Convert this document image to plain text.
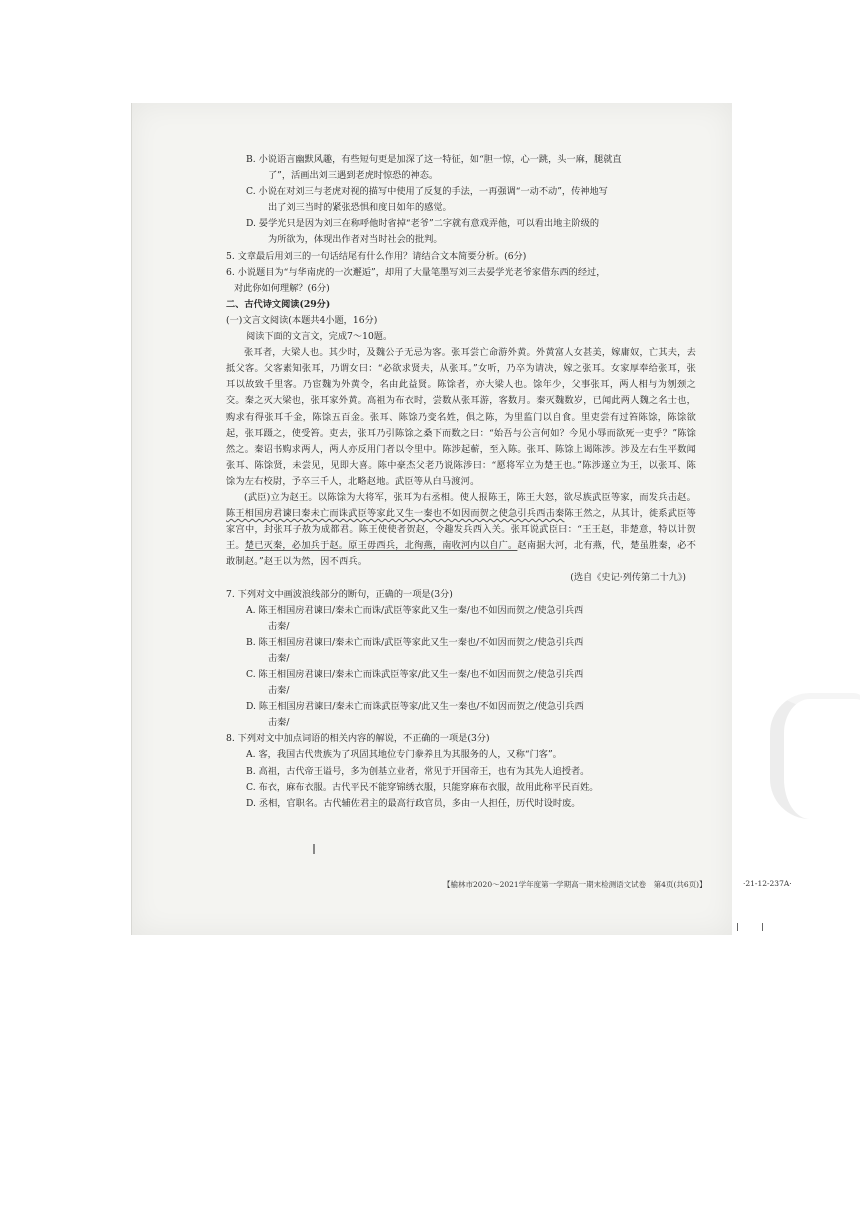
【榆林市2020～2021学年度第一学期高一期末检测语文试卷　第4页(共6页)】	·21-12-237A·
B. 小说语言幽默风趣，有些短句更是加深了这一特征，如“胆一惊，心一跳，头一麻，腿就直
了”，活画出刘三遇到老虎时惊恐的神态。
C. 小说在对刘三与老虎对视的描写中使用了反复的手法，一再强调“一动不动”，传神地写
出了刘三当时的紧张恐惧和度日如年的感觉。
D. 晏学光只是因为刘三在称呼他时省掉“老爷”二字就有意戏弄他，可以看出地主阶级的
为所欲为，体现出作者对当时社会的批判。
5. 文章最后用刘三的一句话结尾有什么作用？请结合文本简要分析。(6分)
6. 小说题目为“与华南虎的一次邂逅”，却用了大量笔墨写刘三去晏学光老爷家借东西的经过，
对此你如何理解？(6分)
二、古代诗文阅读(29分)
(一)文言文阅读(本题共4小题，16分)
阅读下面的文言文，完成7～10题。
张耳者，大梁人也。其少时，及魏公子无忌为客。张耳尝亡命游外黄。外黄富人女甚美，嫁庸奴，亡其夫，去抵父客。父客素知张耳，乃谓女曰：“必欲求贤夫，从张耳。”女听，乃卒为请决，嫁之张耳。女家厚奉给张耳，张耳以故致千里客。乃宦魏为外黄令，名由此益贤。陈馀者，亦大梁人也。馀年少，父事张耳，两人相与为刎颈之交。秦之灭大梁也，张耳家外黄。高祖为布衣时，尝数从张耳游，客数月。秦灭魏数岁，已闻此两人魏之名士也，购求有得张耳千金，陈馀五百金。张耳、陈馀乃变名姓，俱之陈，为里监门以自食。里吏尝有过笞陈馀，陈馀欲起，张耳蹑之，使受笞。吏去，张耳乃引陈馀之桑下而数之曰：“始吾与公言何如？今见小辱而欲死一吏乎？”陈馀然之。秦诏书购求两人，两人亦反用门者以令里中。陈涉起蕲，至入陈。张耳、陈馀上谒陈涉。涉及左右生平数闻张耳、陈馀贤，未尝见，见即大喜。陈中豪杰父老乃说陈涉曰：“愿将军立为楚王也。”陈涉遂立为王，以张耳、陈馀为左右校尉，予卒三千人，北略赵地。武臣等从白马渡河。
(武臣)立为赵王。以陈馀为大将军，张耳为右丞相。使人报陈王，陈王大怒，欲尽族武臣等家，而发兵击赵。陈王相国房君谏曰秦未亡而诛武臣等家此又生一秦也不如因而贺之使急引兵西击秦陈王然之，从其计，徙系武臣等家宫中，封张耳子敖为成都君。陈王使使者贺赵，令趣发兵西入关。张耳说武臣曰：“王王赵，非楚意，特以计贺王。楚已灭秦，必加兵于赵。原王毋西兵，北徇燕，南收河内以自广。赵南据大河，北有燕，代，楚虽胜秦，必不敢制赵。”赵王以为然，因不西兵。
(选自《史记·列传第二十九》)
7. 下列对文中画波浪线部分的断句，正确的一项是(3分)
A. 陈王相国房君谏曰/秦未亡而诛/武臣等家此又生一秦/也不如因而贺之/使急引兵西
击秦/
B. 陈王相国房君谏曰/秦未亡而诛/武臣等家此又生一秦也/不如因而贺之/使急引兵西
击秦/
C. 陈王相国房君谏曰/秦未亡而诛武臣等家/此又生一秦/也不如因而贺之/使急引兵西
击秦/
D. 陈王相国房君谏曰/秦未亡而诛武臣等家/此又生一秦也/不如因而贺之/使急引兵西
击秦/
8. 下列对文中加点词语的相关内容的解说，不正确的一项是(3分)
A. 客，我国古代贵族为了巩固其地位专门豢养且为其服务的人，又称“门客”。
B. 高祖，古代帝王谥号，多为创基立业者，常见于开国帝王，也有为其先人追授者。
C. 布衣，麻布衣服。古代平民不能穿锦绣衣服，只能穿麻布衣服，故用此称平民百姓。
D. 丞相，官职名。古代辅佐君主的最高行政官员，多由一人担任，历代时设时废。
